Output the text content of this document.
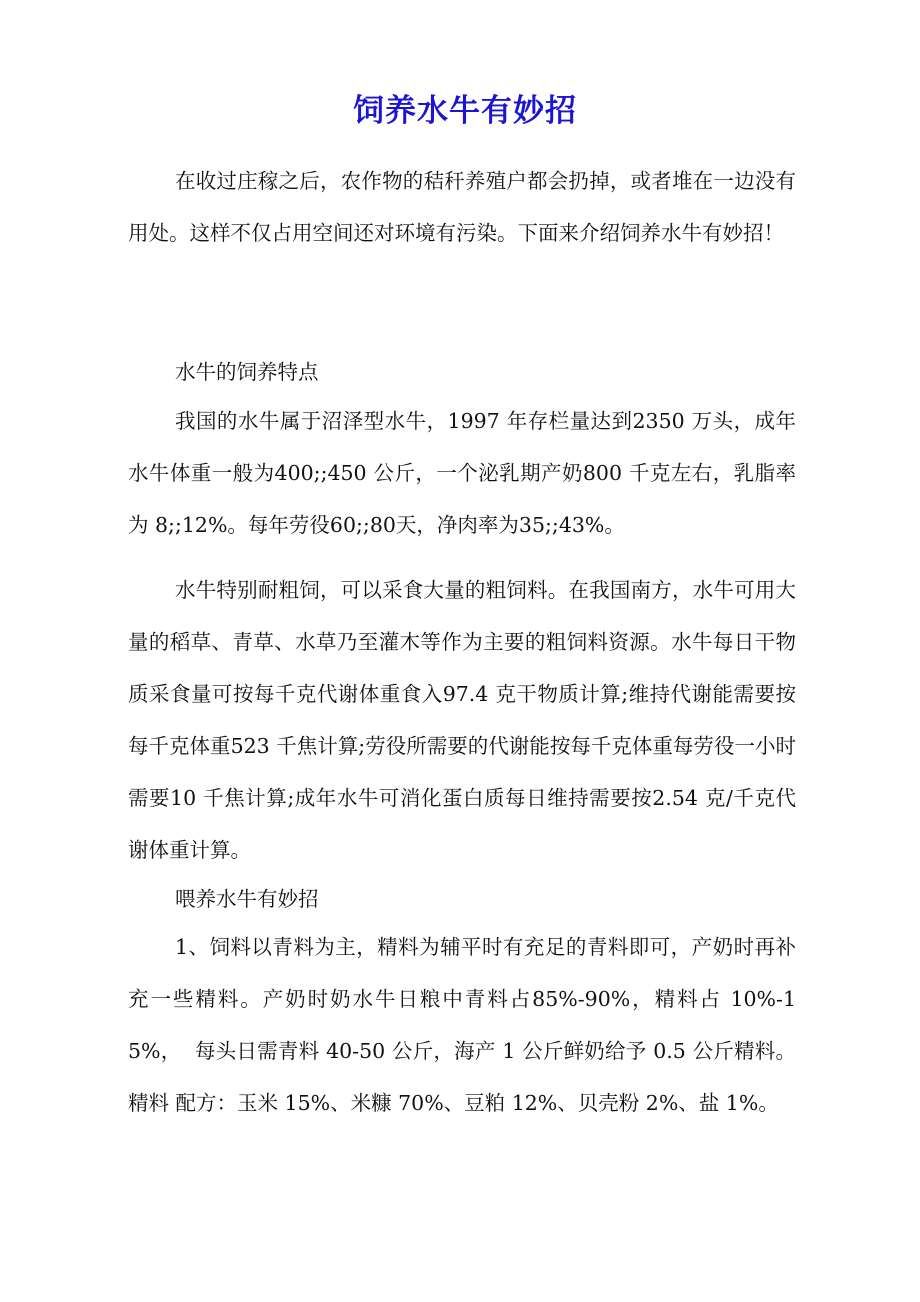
饲养水牛有妙招

在收过庄稼之后，农作物的秸秆养殖户都会扔掉，或者堆在一边没有用处。这样不仅占用空间还对环境有污染。下面来介绍饲养水牛有妙招！

水牛的饲养特点

我国的水牛属于沼泽型水牛，1997 年存栏量达到2350 万头，成年水牛体重一般为400;;450 公斤，一个泌乳期产奶800 千克左右，乳脂率为 8;;12%。每年劳役60;;80天，净肉率为35;;43%。

水牛特别耐粗饲，可以采食大量的粗饲料。在我国南方，水牛可用大量的稻草、青草、水草乃至灌木等作为主要的粗饲料资源。水牛每日干物质采食量可按每千克代谢体重食入97.4 克干物质计算;维持代谢能需要按每千克体重523 千焦计算;劳役所需要的代谢能按每千克体重每劳役一小时需要10 千焦计算;成年水牛可消化蛋白质每日维持需要按2.54 克/千克代谢体重计算。

喂养水牛有妙招

1、饲料以青料为主，精料为辅平时有充足的青料即可，产奶时再补充一些精料。产奶时奶水牛日粮中青料占85%-90%，精料占 10%-15%，  每头日需青料 40-50 公斤，海产 1 公斤鲜奶给予 0.5 公斤精料。精料 配方：玉米 15%、米糠 70%、豆粕 12%、贝壳粉 2%、盐 1%。
